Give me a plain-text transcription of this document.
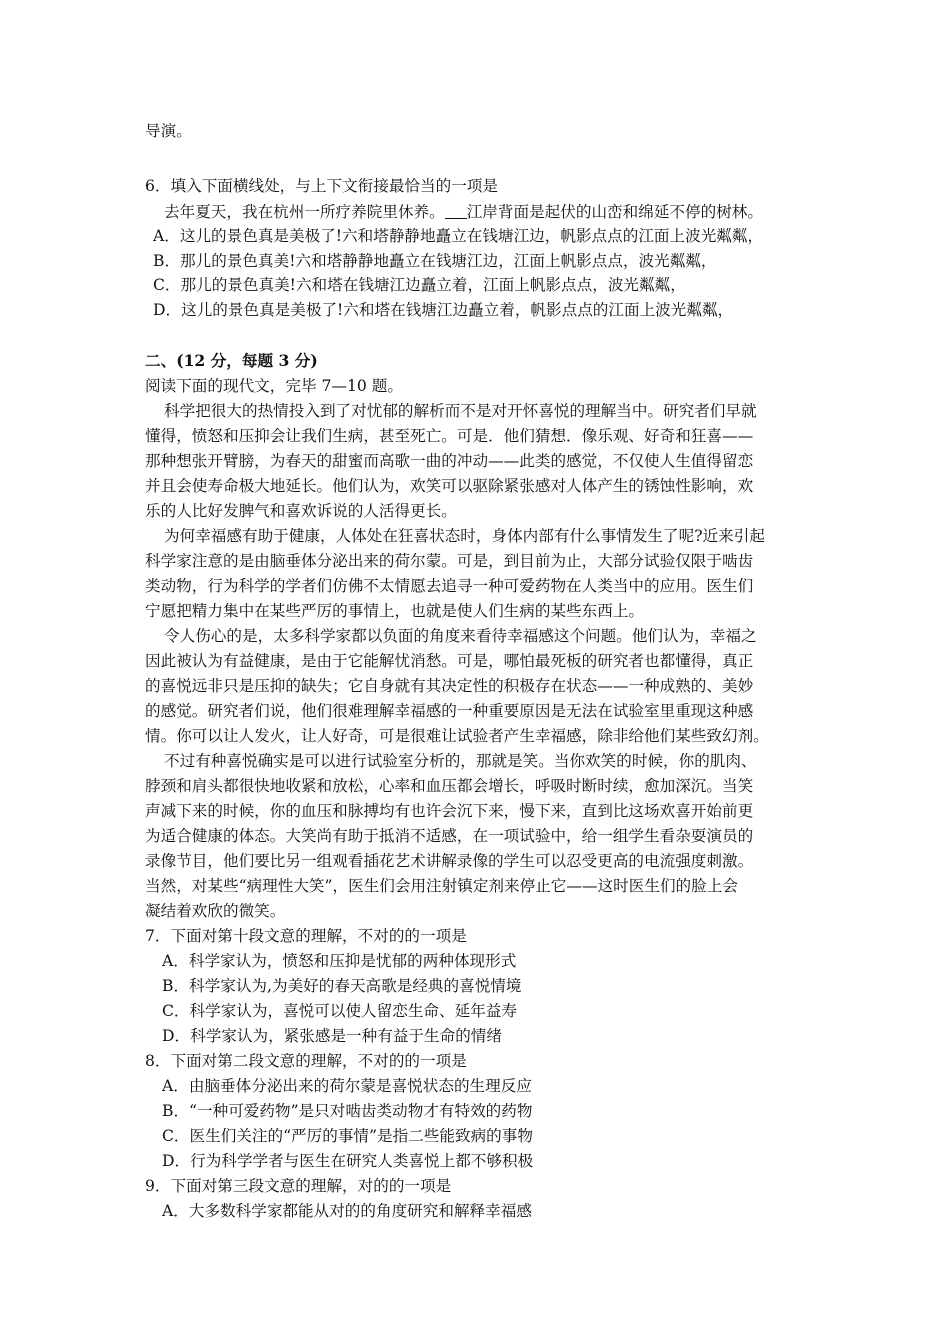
导演。
6．填入下面横线处，与上下文衔接最恰当的一项是
去年夏天，我在杭州一所疗养院里休养。 江岸背面是起伏的山峦和绵延不停的树林。
A．这儿的景色真是美极了!六和塔静静地矗立在钱塘江边，帆影点点的江面上波光粼粼，
B．那儿的景色真美!六和塔静静地矗立在钱塘江边，江面上帆影点点，波光粼粼，
C．那儿的景色真美!六和塔在钱塘江边矗立着，江面上帆影点点，波光粼粼，
D．这儿的景色真是美极了!六和塔在钱塘江边矗立着，帆影点点的江面上波光粼粼，
二、(12 分，每题 3 分)
阅读下面的现代文，完毕 7—10 题。
科学把很大的热情投入到了对忧郁的解析而不是对开怀喜悦的理解当中。研究者们早就
懂得，愤怒和压抑会让我们生病，甚至死亡。可是．他们猜想．像乐观、好奇和狂喜——
那种想张开臂膀，为春天的甜蜜而高歌一曲的冲动——此类的感觉，不仅使人生值得留恋
并且会使寿命极大地延长。他们认为，欢笑可以驱除紧张感对人体产生的锈蚀性影响，欢
乐的人比好发脾气和喜欢诉说的人活得更长。
为何幸福感有助于健康，人体处在狂喜状态时，身体内部有什么事情发生了呢?近来引起
科学家注意的是由脑垂体分泌出来的荷尔蒙。可是，到目前为止，大部分试验仅限于啮齿
类动物，行为科学的学者们仿佛不太情愿去追寻一种可爱药物在人类当中的应用。医生们
宁愿把精力集中在某些严厉的事情上，也就是使人们生病的某些东西上。
令人伤心的是，太多科学家都以负面的角度来看待幸福感这个问题。他们认为，幸福之
因此被认为有益健康，是由于它能解忧消愁。可是，哪怕最死板的研究者也都懂得，真正
的喜悦远非只是压抑的缺失；它自身就有其决定性的积极存在状态——一种成熟的、美妙
的感觉。研究者们说，他们很难理解幸福感的一种重要原因是无法在试验室里重现这种感
情。你可以让人发火，让人好奇，可是很难让试验者产生幸福感，除非给他们某些致幻剂。
不过有种喜悦确实是可以进行试验室分析的，那就是笑。当你欢笑的时候，你的肌肉、
脖颈和肩头都很快地收紧和放松，心率和血压都会增长，呼吸时断时续，愈加深沉。当笑
声减下来的时候，你的血压和脉搏均有也许会沉下来，慢下来，直到比这场欢喜开始前更
为适合健康的体态。大笑尚有助于抵消不适感，在一项试验中，给一组学生看杂耍演员的
录像节目，他们要比另一组观看插花艺术讲解录像的学生可以忍受更高的电流强度刺激。
当然，对某些“病理性大笑”，医生们会用注射镇定剂来停止它——这时医生们的脸上会
凝结着欢欣的微笑。
7．下面对第十段文意的理解，不对的的一项是
A．科学家认为，愤怒和压抑是忧郁的两种体现形式
B．科学家认为,为美好的春天高歌是经典的喜悦情境
C．科学家认为，喜悦可以使人留恋生命、延年益寿
D．科学家认为，紧张感是一种有益于生命的情绪
8．下面对第二段文意的理解，不对的的一项是
A．由脑垂体分泌出来的荷尔蒙是喜悦状态的生理反应
B．“一种可爱药物”是只对啮齿类动物才有特效的药物
C．医生们关注的“严厉的事情”是指二些能致病的事物
D．行为科学学者与医生在研究人类喜悦上都不够积极
9．下面对第三段文意的理解，对的的一项是
A．大多数科学家都能从对的的角度研究和解释幸福感
